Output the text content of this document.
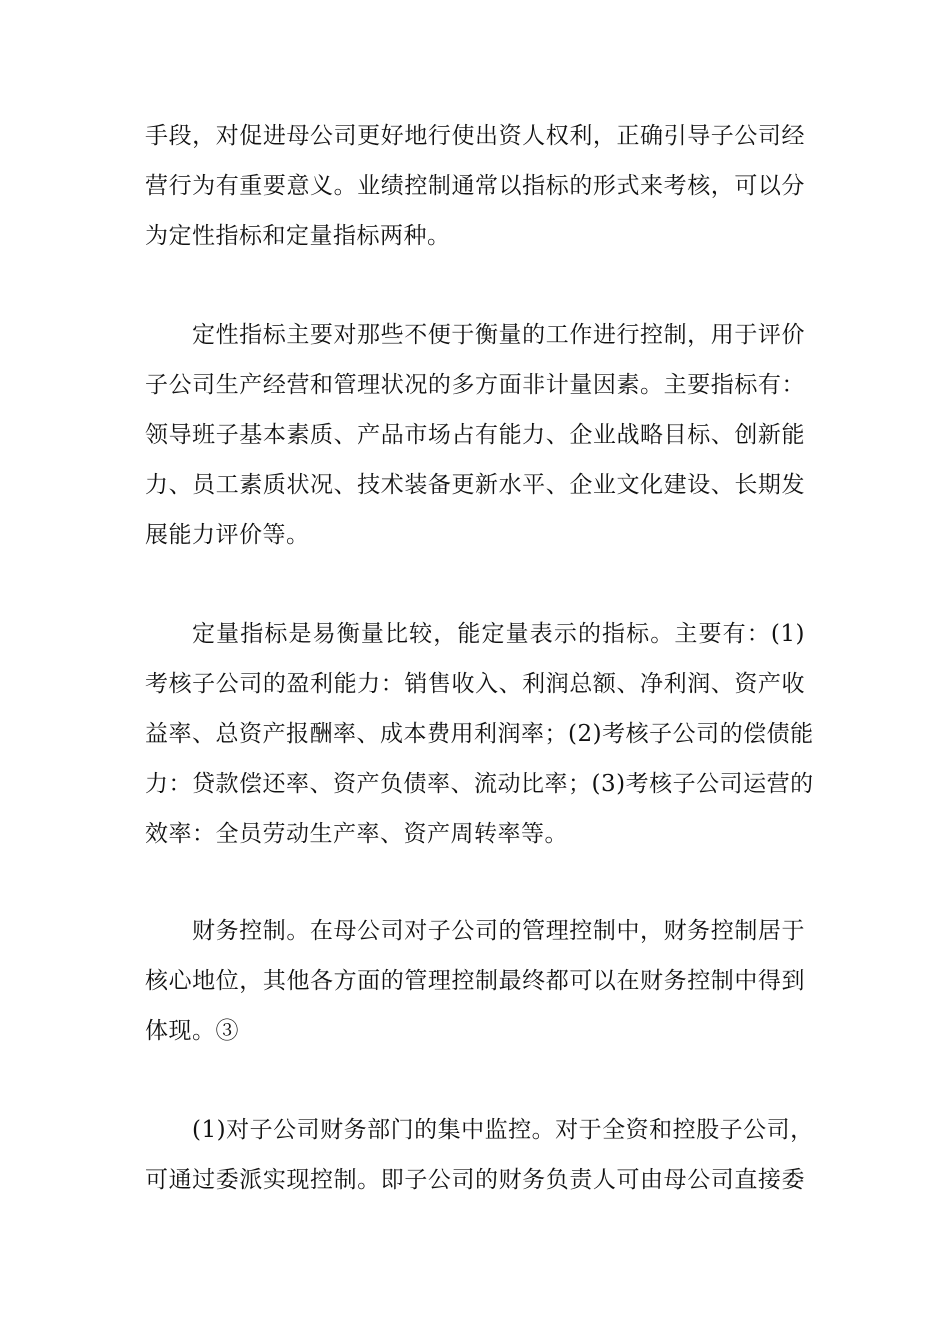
手段，对促进母公司更好地行使出资人权利，正确引导子公司经
营行为有重要意义。业绩控制通常以指标的形式来考核，可以分
为定性指标和定量指标两种。
定性指标主要对那些不便于衡量的工作进行控制，用于评价
子公司生产经营和管理状况的多方面非计量因素。主要指标有：
领导班子基本素质、产品市场占有能力、企业战略目标、创新能
力、员工素质状况、技术装备更新水平、企业文化建设、长期发
展能力评价等。
定量指标是易衡量比较，能定量表示的指标。主要有：(1)
考核子公司的盈利能力：销售收入、利润总额、净利润、资产收
益率、总资产报酬率、成本费用利润率；(2)考核子公司的偿债能
力：贷款偿还率、资产负债率、流动比率；(3)考核子公司运营的
效率：全员劳动生产率、资产周转率等。
财务控制。在母公司对子公司的管理控制中，财务控制居于
核心地位，其他各方面的管理控制最终都可以在财务控制中得到
体现。③
(1)对子公司财务部门的集中监控。对于全资和控股子公司，
可通过委派实现控制。即子公司的财务负责人可由母公司直接委
